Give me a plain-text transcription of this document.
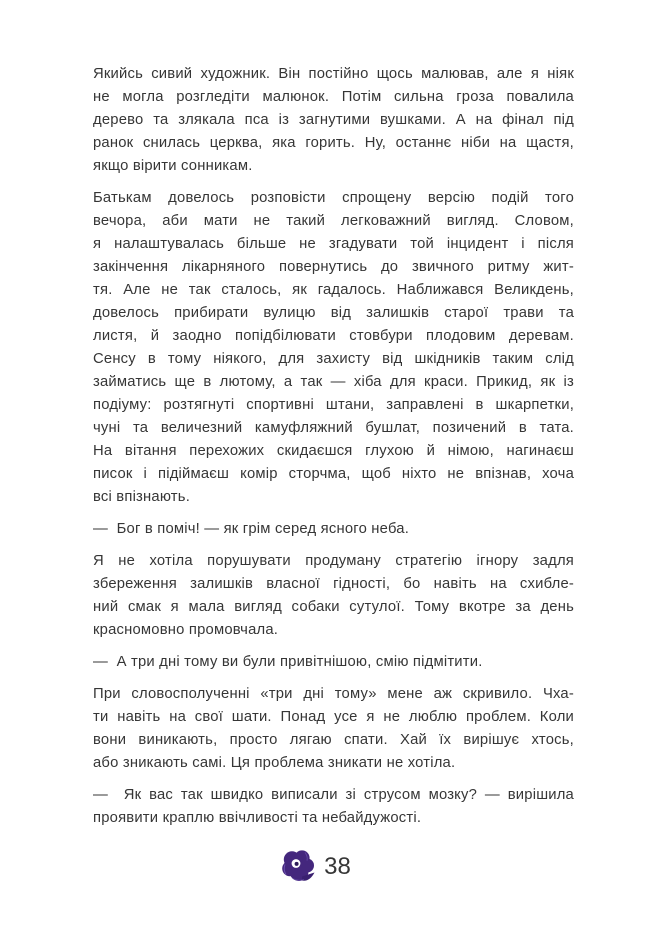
Якийсь сивий художник. Він постійно щось малював, але я ніяк
не могла розгледіти малюнок. Потім сильна гроза повалила
дерево та злякала пса із загнутими вушками. А на фінал під
ранок снилась церква, яка горить. Ну, останнє ніби на щастя,
якщо вірити сонникам.
Батькам довелось розповісти спрощену версію подій того
вечора, аби мати не такий легковажний вигляд. Словом,
я налаштувалась більше не згадувати той інцидент і після
закінчення лікарняного повернутись до звичного ритму жит-
тя. Але не так сталось, як гадалось. Наближався Великдень,
довелось прибирати вулицю від залишків старої трави та
листя, й заодно попідбілювати стовбури плодовим деревам.
Сенсу в тому ніякого, для захисту від шкідників таким слід
займатись ще в лютому, а так — хіба для краси. Прикид, як із
подіуму: розтягнуті спортивні штани, заправлені в шкарпетки,
чуні та величезний камуфляжний бушлат, позичений в тата.
На вітання перехожих скидаєшся глухою й німою, нагинаєш
писок і підіймаєш комір сторчма, щоб ніхто не впізнав, хоча
всі впізнають.
—  Бог в поміч! — як грім серед ясного неба.
Я не хотіла порушувати продуману стратегію ігнору задля
збереження залишків власної гідності, бо навіть на схибле-
ний смак я мала вигляд собаки сутулої. Тому вкотре за день
красномовно промовчала.
—  А три дні тому ви були привітнішою, смію підмітити.
При словосполученні «три дні тому» мене аж скривило. Чха-
ти навіть на свої шати. Понад усе я не люблю проблем. Коли
вони виникають, просто лягаю спати. Хай їх вирішує хтось,
або зникають самі. Ця проблема зникати не хотіла.
—  Як вас так швидко виписали зі струсом мозку? — вирішила
проявити краплю ввічливості та небайдужості.
38
